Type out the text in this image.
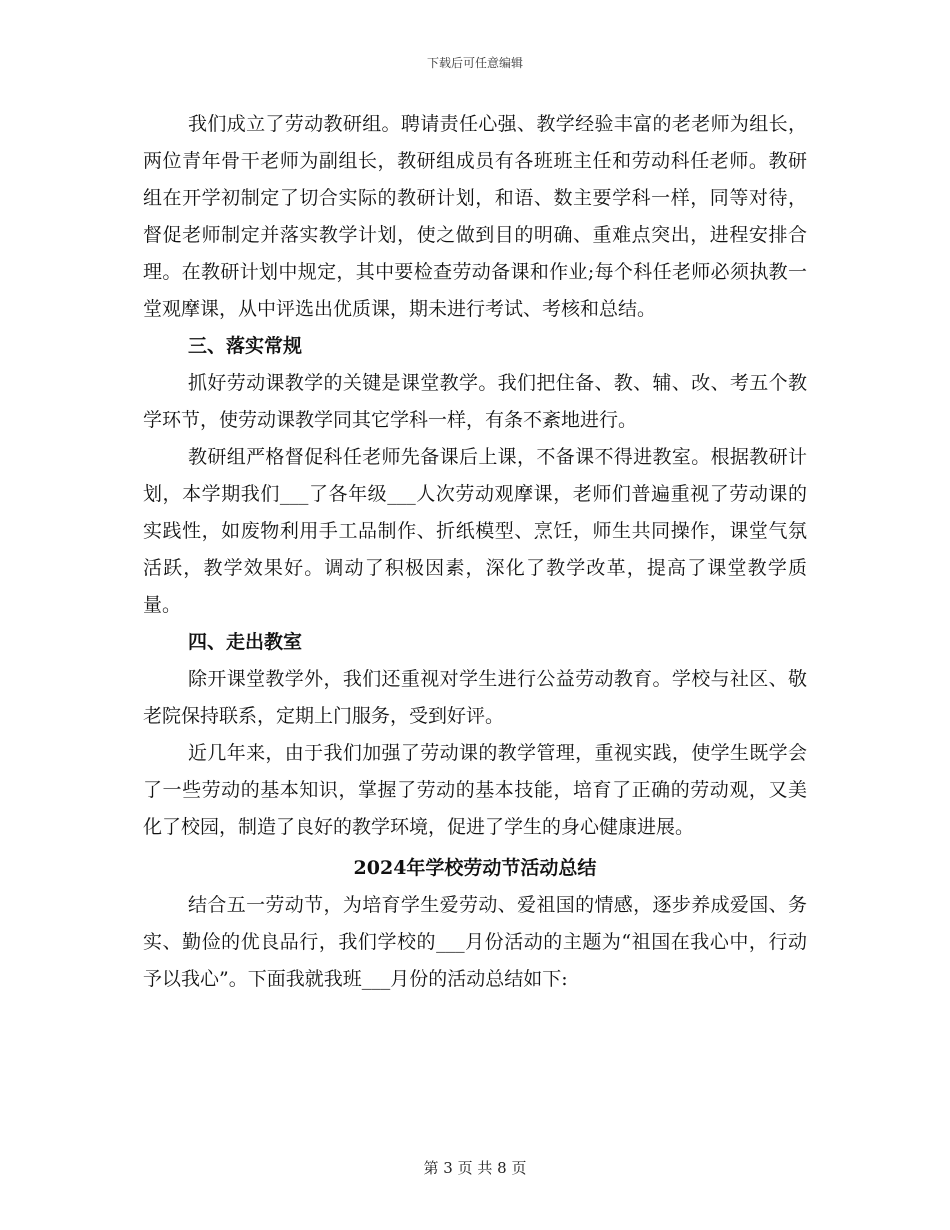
下载后可任意编辑

我们成立了劳动教研组。聘请责任心强、教学经验丰富的老老师为组长，两位青年骨干老师为副组长，教研组成员有各班班主任和劳动科任老师。教研组在开学初制定了切合实际的教研计划，和语、数主要学科一样，同等对待，督促老师制定并落实教学计划，使之做到目的明确、重难点突出，进程安排合理。在教研计划中规定，其中要检查劳动备课和作业;每个科任老师必须执教一堂观摩课，从中评选出优质课，期未进行考试、考核和总结。

三、落实常规

抓好劳动课教学的关键是课堂教学。我们把住备、教、辅、改、考五个教学环节，使劳动课教学同其它学科一样，有条不紊地进行。

教研组严格督促科任老师先备课后上课，不备课不得进教室。根据教研计划，本学期我们___了各年级___人次劳动观摩课，老师们普遍重视了劳动课的实践性，如废物利用手工品制作、折纸模型、烹饪，师生共同操作，课堂气氛活跃，教学效果好。调动了积极因素，深化了教学改革，提高了课堂教学质量。

四、走出教室

除开课堂教学外，我们还重视对学生进行公益劳动教育。学校与社区、敬老院保持联系，定期上门服务，受到好评。

近几年来，由于我们加强了劳动课的教学管理，重视实践，使学生既学会了一些劳动的基本知识，掌握了劳动的基本技能，培育了正确的劳动观，又美化了校园，制造了良好的教学环境，促进了学生的身心健康进展。

2024年学校劳动节活动总结

结合五一劳动节，为培育学生爱劳动、爱祖国的情感，逐步养成爱国、务实、勤俭的优良品行，我们学校的___月份活动的主题为“祖国在我心中，行动予以我心”。下面我就我班___月份的活动总结如下:

第 3 页 共 8 页
